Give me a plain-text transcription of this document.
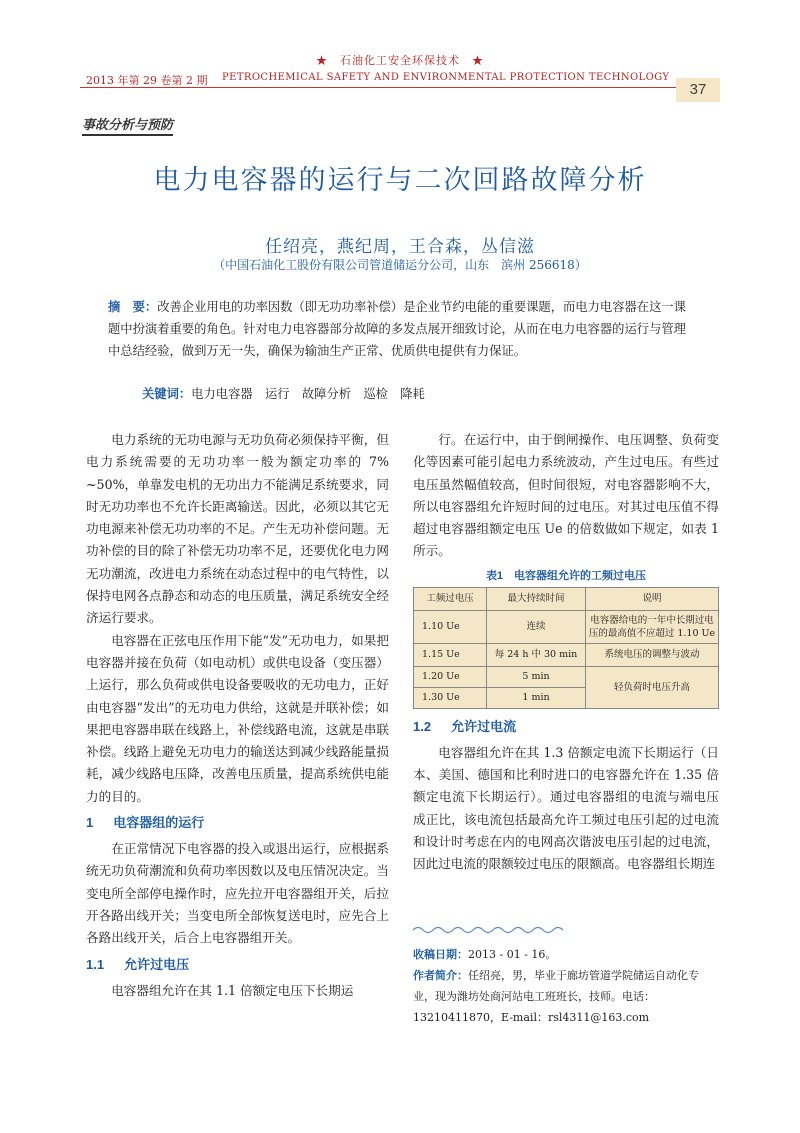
★　石油化工安全环保技术　★
2013 年第 29 卷第 2 期 PETROCHEMICAL SAFETY AND ENVIRONMENTAL PROTECTION TECHNOLOGY
37
事故分析与预防
电力电容器的运行与二次回路故障分析
任绍亮，燕纪周，王合森，丛信滋
（中国石油化工股份有限公司管道储运分公司，山东　滨州 256618）
摘　要：改善企业用电的功率因数（即无功功率补偿）是企业节约电能的重要课题，而电力电容器在这一课题中扮演着重要的角色。针对电力电容器部分故障的多发点展开细致讨论，从而在电力电容器的运行与管理中总结经验，做到万无一失，确保为输油生产正常、优质供电提供有力保证。
关键词：电力电容器　运行　故障分析　巡检　降耗

电力系统的无功电源与无功负荷必须保持平衡，但电力系统需要的无功功率一般为额定功率的 7% ~50%，单靠发电机的无功出力不能满足系统要求，同时无功功率也不允许长距离输送。因此，必须以其它无功电源来补偿无功功率的不足。产生无功补偿问题。无功补偿的目的除了补偿无功功率不足，还要优化电力网无功潮流，改进电力系统在动态过程中的电气特性，以保持电网各点静态和动态的电压质量，满足系统安全经济运行要求。

电容器在正弦电压作用下能“发”无功电力，如果把电容器并接在负荷（如电动机）或供电设备（变压器）上运行，那么负荷或供电设备要吸收的无功电力，正好由电容器“发出”的无功电力供给，这就是并联补偿；如果把电容器串联在线路上，补偿线路电流，这就是串联补偿。线路上避免无功电力的输送达到减少线路能量损耗，减少线路电压降，改善电压质量，提高系统供电能力的目的。

1 电容器组的运行

在正常情况下电容器的投入或退出运行，应根据系统无功负荷潮流和负荷功率因数以及电压情况决定。当变电所全部停电操作时，应先拉开电容器组开关，后拉开各路出线开关；当变电所全部恢复送电时，应先合上各路出线开关，后合上电容器组开关。

1.1 允许过电压

电容器组允许在其 1.1 倍额定电压下长期运

行。在运行中，由于倒闸操作、电压调整、负荷变化等因素可能引起电力系统波动，产生过电压。有些过电压虽然幅值较高，但时间很短，对电容器影响不大，所以电容器组允许短时间的过电压。对其过电压值不得超过电容器组额定电压 Ue 的倍数做如下规定，如表 1 所示。

表1　电容器组允许的工频过电压
工频过电压	最大持续时间	说明
1.10 Ue	连续	电容器给电的一年中长期过电压的最高值不应超过 1.10 Ue
1.15 Ue	每 24 h 中 30 min	系统电压的调整与波动
1.20 Ue	5 min	轻负荷时电压升高
1.30 Ue	1 min	
1.2 允许过电流

电容器组允许在其 1.3 倍额定电流下长期运行（日本、美国、德国和比利时进口的电容器允许在 1.35 倍额定电流下长期运行）。通过电容器组的电流与端电压成正比，该电流包括最高允许工频过电压引起的过电流和设计时考虑在内的电网高次谐波电压引起的过电流，因此过电流的限额较过电压的限额高。电容器组长期连

收稿日期：2013 - 01 - 16。
作者简介：任绍亮，男，毕业于廊坊管道学院储运自动化专业，现为潍坊处商河站电工班班长，技师。电话：13210411870，E-mail：rsl4311@163.com
